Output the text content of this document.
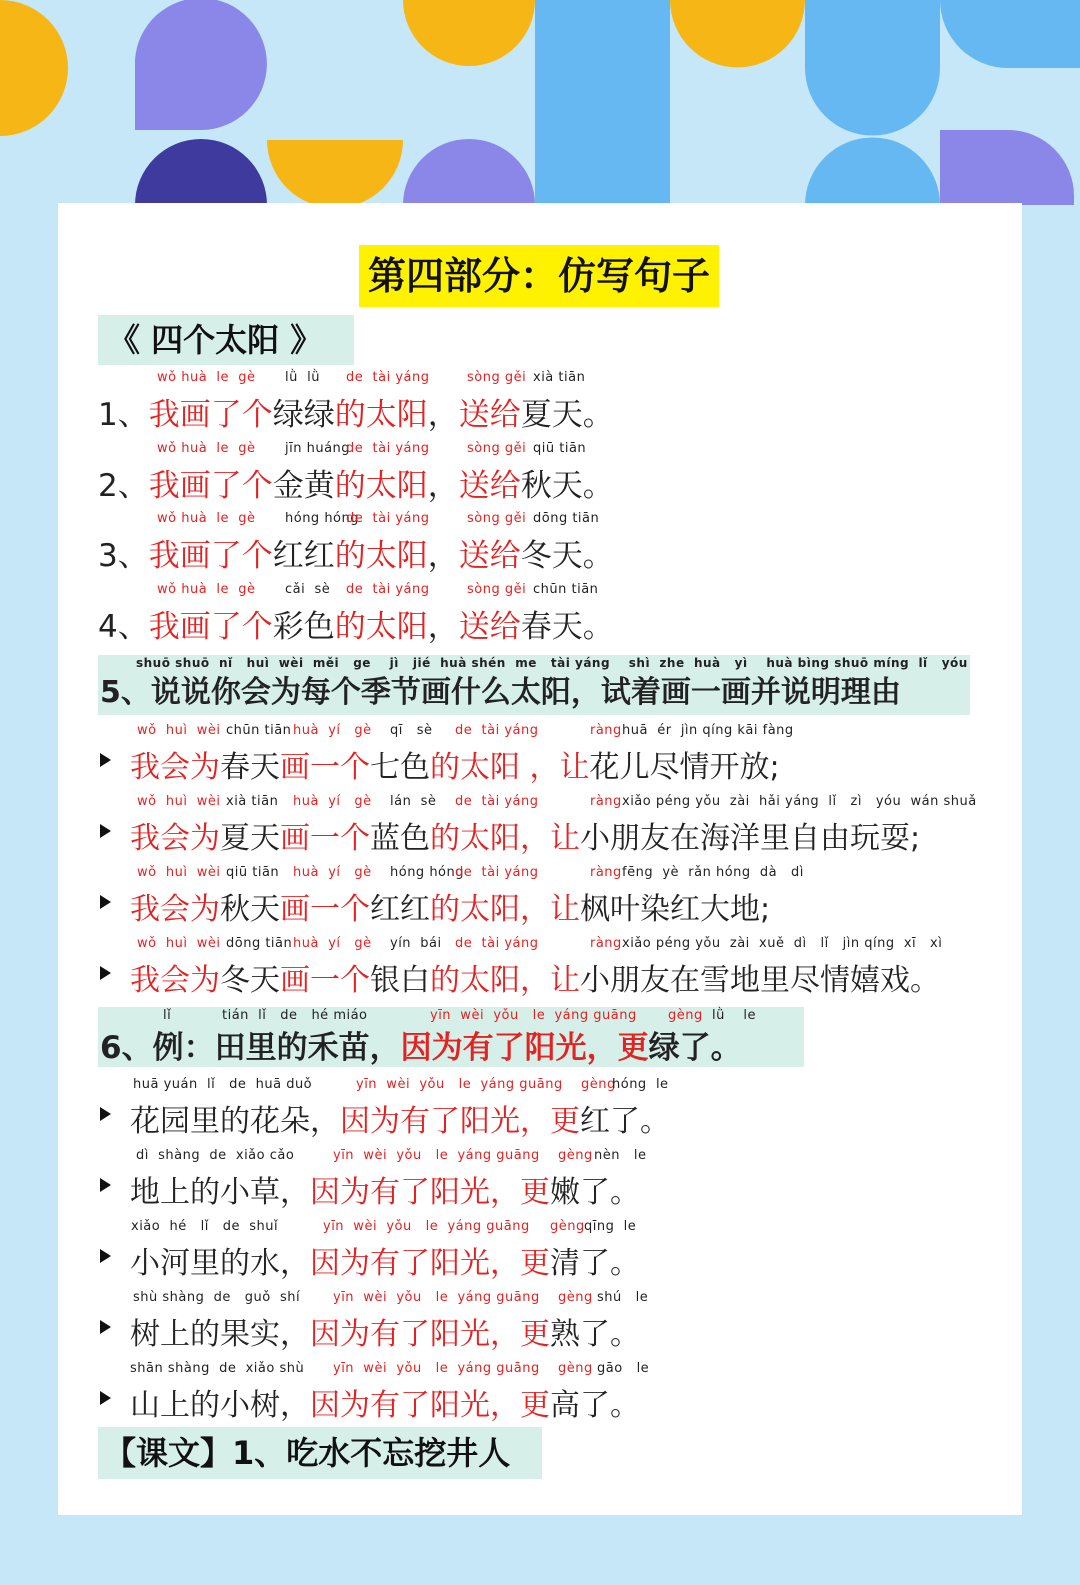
第四部分：仿写句子
《 四个太阳 》
【课文】1、吃水不忘挖井人
1、我画了个绿绿的太阳，送给夏天。
wǒ huà  le  gè lǜ  lǜ de  tài yáng	sòng gěi xià tiān
2、我画了个金黄的太阳，送给秋天。
wǒ huà  le  gè jīn huáng
de  tài yáng	sòng gěi qiū tiān
3、我画了个红红的太阳，送给冬天。
wǒ huà  le  gè hóng hóng
de  tài yáng	sòng gěi dōng tiān
4、我画了个彩色的太阳，送给春天。
wǒ huà  le  gè cǎi  sè de  tài yáng	sòng gěi chūn tiān
5、说说你会为每个季节画什么太阳，试着画一画并说明理由
shuō shuō  nǐ   huì  wèi  měi   ge    jì   jié  huà shén  me   tài yáng    shì  zhe  huà   yì    huà bìng shuō míng  lǐ   yóu
我会为春天画一个七色的太阳 ，让花儿尽情开放;
wǒ  huì  wèi chūn tiān huà  yí   gè qī   sè de  tài yáng	ràng huā  ér  jìn qíng kāi fàng
我会为夏天画一个蓝色的太阳，让小朋友在海洋里自由玩耍;
wǒ  huì  wèi xià tiān huà  yí   gè lán  sè de  tài yáng	ràng xiǎo péng yǒu  zài  hǎi yáng  lǐ   zì   yóu  wán shuǎ
我会为秋天画一个红红的太阳，让枫叶染红大地;
wǒ  huì  wèi qiū tiān huà  yí   gè hóng hóng
de  tài yáng	ràng fēng  yè  rǎn hóng  dà   dì
我会为冬天画一个银白的太阳，让小朋友在雪地里尽情嬉戏。
wǒ  huì  wèi dōng tiān huà  yí   gè yín  bái de  tài yáng	ràng xiǎo péng yǒu  zài  xuě  dì   lǐ   jìn qíng  xī   xì
6、例：田里的禾苗，因为有了阳光，更绿了。
lǐ	tián  lǐ   de   hé miáo	yīn  wèi  yǒu   le  yáng guāng gèng lǜ    le
花园里的花朵，因为有了阳光，更红了。
huā yuán  lǐ   de  huā duǒ	yīn  wèi  yǒu   le  yáng guāng gèng
hóng  le
地上的小草，因为有了阳光，更嫩了。
dì  shàng  de  xiǎo cǎo	yīn  wèi  yǒu   le  yáng guāng gèng nèn   le
小河里的水，因为有了阳光，更清了。
xiǎo  hé   lǐ   de  shuǐ	yīn  wèi  yǒu   le  yáng guāng gèng qīng  le
树上的果实，因为有了阳光，更熟了。
shù shàng  de   guǒ  shí	yīn  wèi  yǒu   le  yáng guāng gèng shú   le
山上的小树，因为有了阳光，更高了。
shān shàng  de  xiǎo shù yīn  wèi  yǒu   le  yáng guāng gèng gāo   le
